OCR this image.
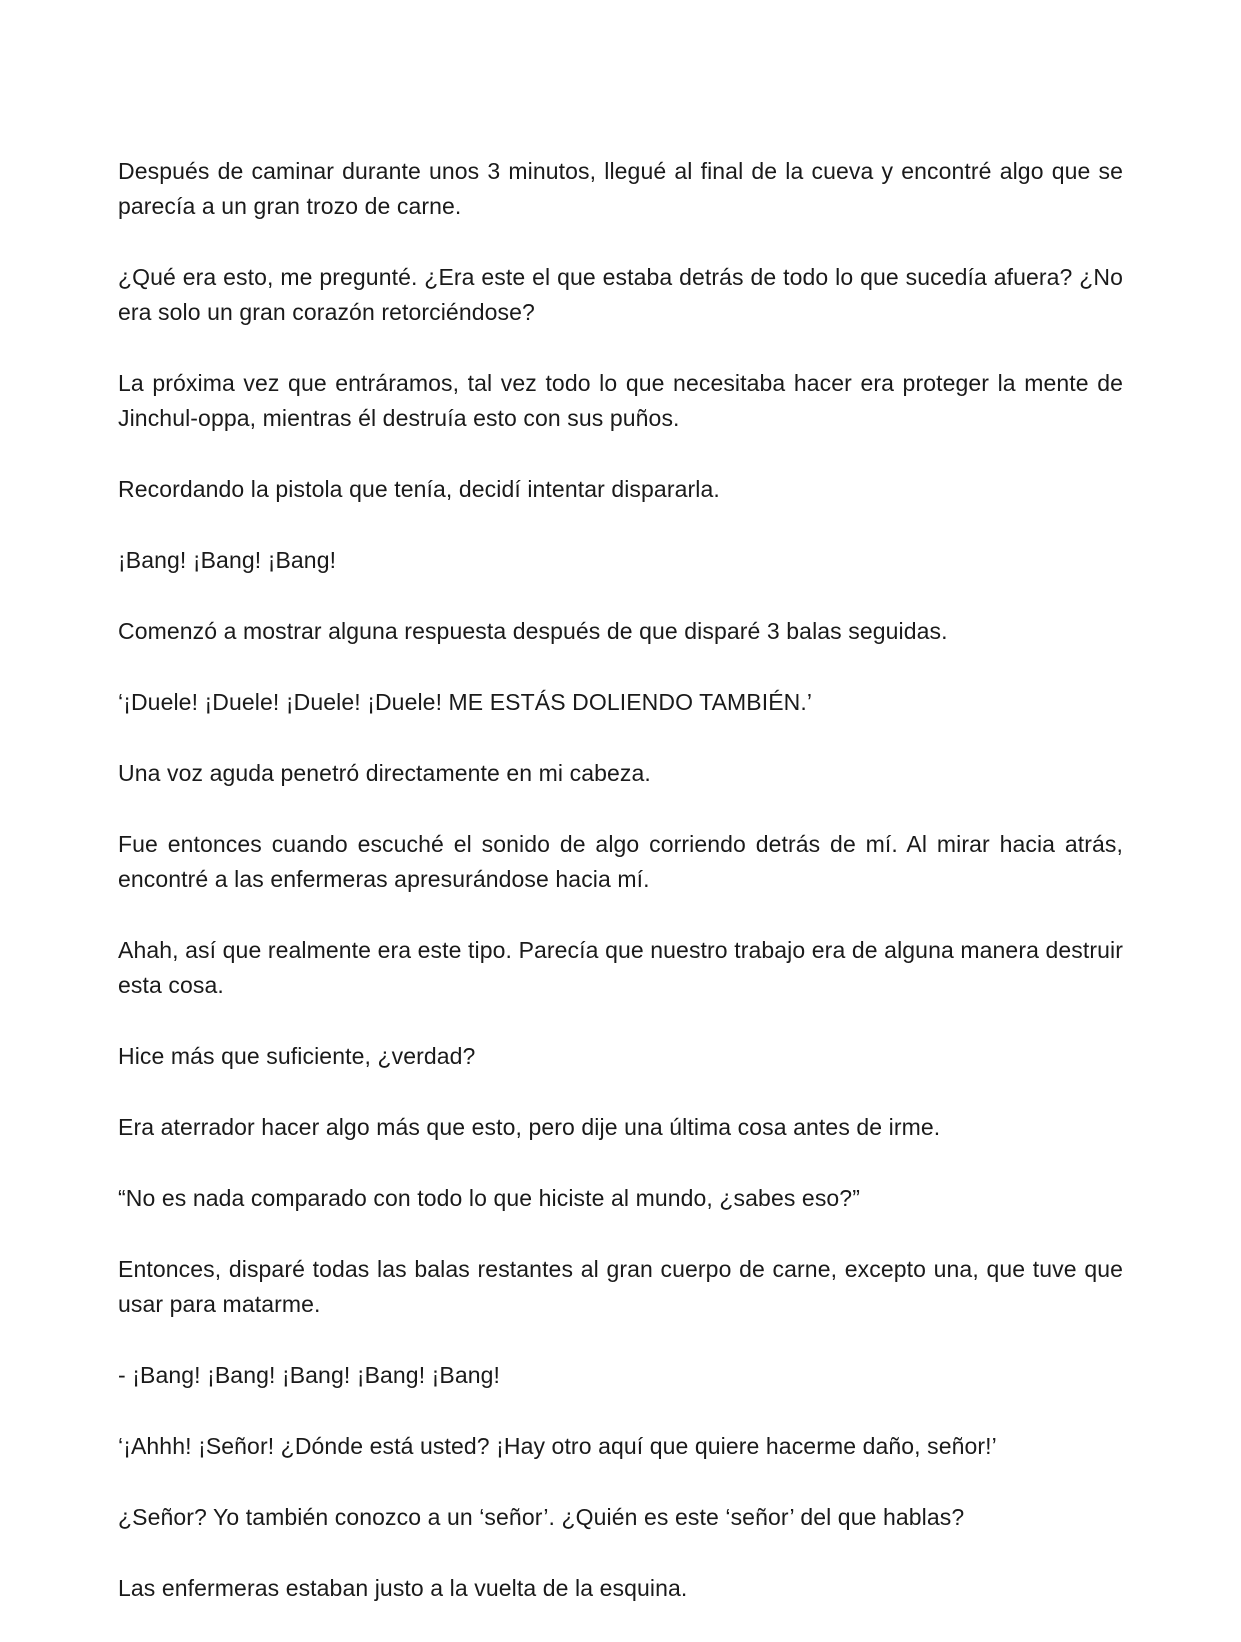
Después de caminar durante unos 3 minutos, llegué al final de la cueva y encontré algo que se parecía a un gran trozo de carne.

¿Qué era esto, me pregunté. ¿Era este el que estaba detrás de todo lo que sucedía afuera? ¿No era solo un gran corazón retorciéndose?

La próxima vez que entráramos, tal vez todo lo que necesitaba hacer era proteger la mente de Jinchul-oppa, mientras él destruía esto con sus puños.

Recordando la pistola que tenía, decidí intentar dispararla.

¡Bang! ¡Bang! ¡Bang!

Comenzó a mostrar alguna respuesta después de que disparé 3 balas seguidas.

‘¡Duele! ¡Duele! ¡Duele! ¡Duele! ME ESTÁS DOLIENDO TAMBIÉN.’

Una voz aguda penetró directamente en mi cabeza.

Fue entonces cuando escuché el sonido de algo corriendo detrás de mí. Al mirar hacia atrás, encontré a las enfermeras apresurándose hacia mí.

Ahah, así que realmente era este tipo. Parecía que nuestro trabajo era de alguna manera destruir esta cosa.

Hice más que suficiente, ¿verdad?

Era aterrador hacer algo más que esto, pero dije una última cosa antes de irme.

“No es nada comparado con todo lo que hiciste al mundo, ¿sabes eso?”

Entonces, disparé todas las balas restantes al gran cuerpo de carne, excepto una, que tuve que usar para matarme.

- ¡Bang! ¡Bang! ¡Bang! ¡Bang! ¡Bang!

‘¡Ahhh! ¡Señor! ¿Dónde está usted? ¡Hay otro aquí que quiere hacerme daño, señor!’

¿Señor? Yo también conozco a un ‘señor’. ¿Quién es este ‘señor’ del que hablas?

Las enfermeras estaban justo a la vuelta de la esquina.
